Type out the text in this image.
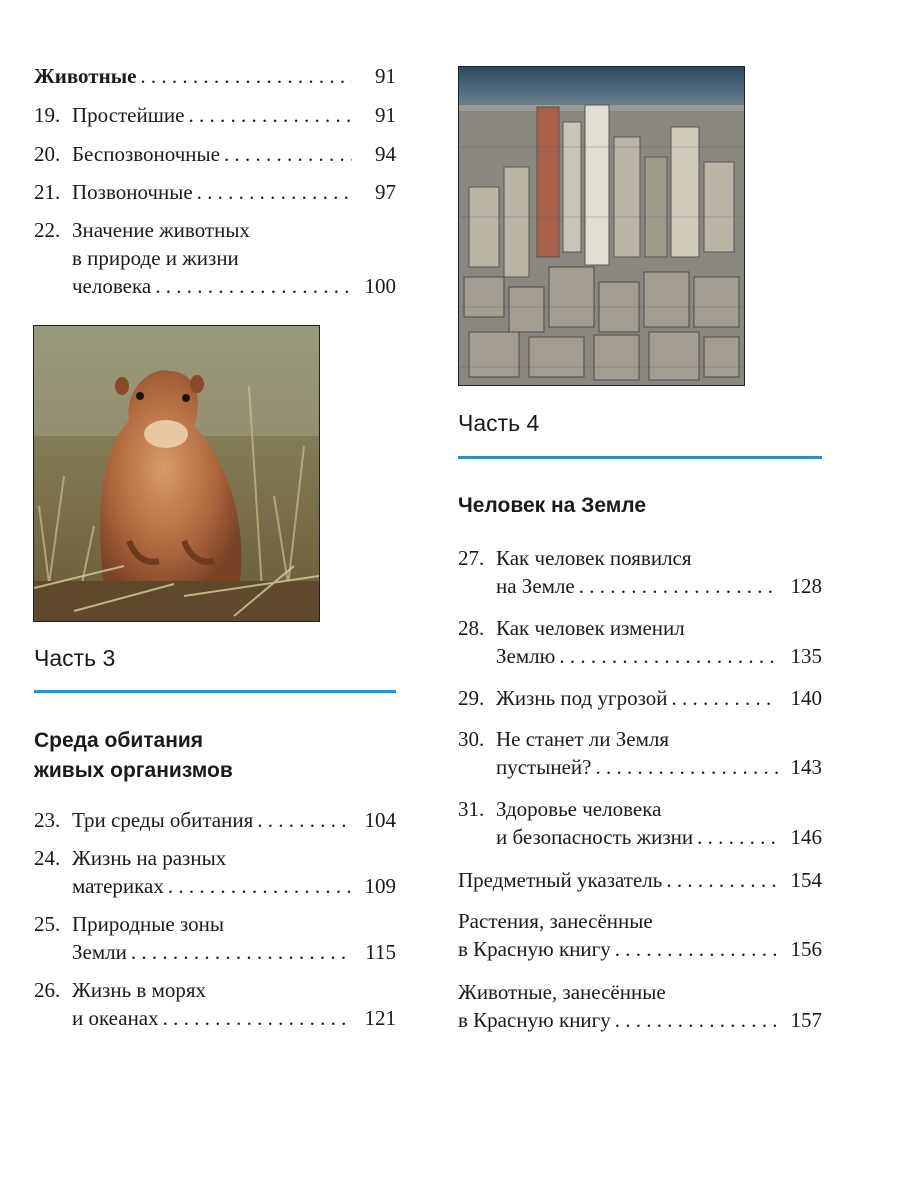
Животные . . .	91
19. Простейшие . . .	91
20. Беспозвоночные . . .	94
21. Позвоночные . . .	97
22. Значение животных
в природе и жизни
человека . . .	100
Часть 3
Среда обитания
живых организмов
23. Три среды обитания . . .	104
24. Жизнь на разных
материках . . .	109
25. Природные зоны
Земли . . .	115
26. Жизнь в морях
и океанах . . .	121
Часть 4
Человек на Земле
27. Как человек появился
на Земле . . .	128
28. Как человек изменил
Землю . . .	135
29. Жизнь под угрозой . . .	140
30. Не станет ли Земля
пустыней? . . .	143
31. Здоровье человека
и безопасность жизни . . .	146
Предметный указатель . . .	154
Растения, занесённые
в Красную книгу . . .	156
Животные, занесённые
в Красную книгу . . .	157
